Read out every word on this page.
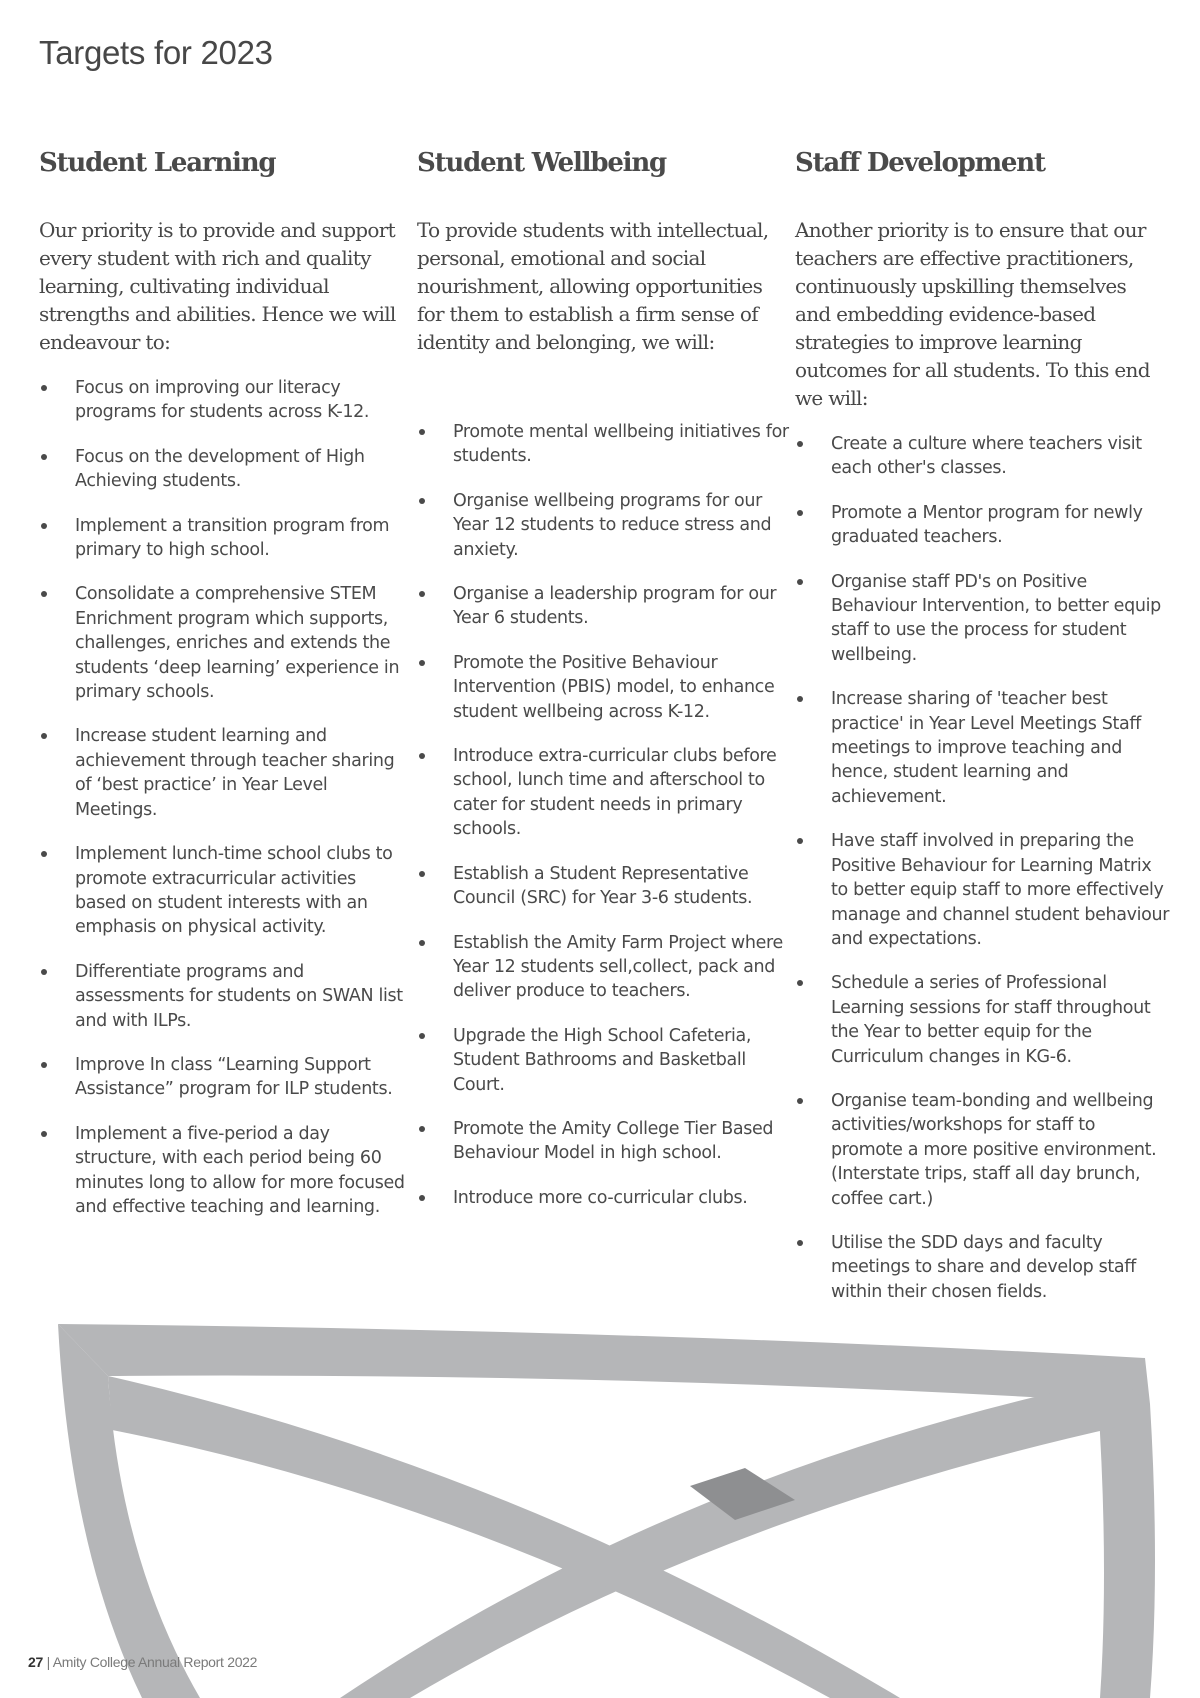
Targets for 2023
Student Learning

Our priority is to provide and support every student with rich and quality learning, cultivating individual strengths and abilities. Hence we will endeavour to:

Focus on improving our literacy programs for students across K-12.
Focus on the development of High Achieving students.
Implement a transition program from primary to high school.
Consolidate a comprehensive STEM Enrichment program which supports, challenges, enriches and extends the students ‘deep learning’ experience in primary schools.
Increase student learning and achievement through teacher sharing of ‘best practice’ in Year Level Meetings.
Implement lunch-time school clubs to promote extracurricular activities based on student interests with an emphasis on physical activity.
Differentiate programs and assessments for students on SWAN list and with ILPs.
Improve In class “Learning Support Assistance” program for ILP students.
Implement a five-period a day structure, with each period being 60 minutes long to allow for more focused and effective teaching and learning.
Student Wellbeing

To provide students with intellectual, personal, emotional and social nourishment, allowing opportunities for them to establish a firm sense of identity and belonging, we will:

Promote mental wellbeing initiatives for students.
Organise wellbeing programs for our Year 12 students to reduce stress and anxiety.
Organise a leadership program for our Year 6 students.
Promote the Positive Behaviour Intervention (PBIS) model, to enhance student wellbeing across K-12.
Introduce extra-curricular clubs before school, lunch time and afterschool to cater for student needs in primary schools.
Establish a Student Representative Council (SRC) for Year 3-6 students.
Establish the Amity Farm Project where Year 12 students sell,collect, pack and deliver produce to teachers.
Upgrade the High School Cafeteria, Student Bathrooms and Basketball Court.
Promote the Amity College Tier Based Behaviour Model in high school.
Introduce more co-curricular clubs.
Staff Development

Another priority is to ensure that our teachers are effective practitioners, continuously upskilling themselves and embedding evidence-based strategies to improve learning outcomes for all students. To this end we will:

Create a culture where teachers visit each other's classes.
Promote a Mentor program for newly graduated teachers.
Organise staff PD's on Positive Behaviour Intervention, to better equip staff to use the process for student wellbeing.
Increase sharing of 'teacher best practice' in Year Level Meetings Staff meetings to improve teaching and hence, student learning and achievement.
Have staff involved in preparing the Positive Behaviour for Learning Matrix to better equip staff to more effectively manage and channel student behaviour and expectations.
Schedule a series of Professional Learning sessions for staff throughout the Year to better equip for the Curriculum changes in KG-6.
Organise team-bonding and wellbeing activities/workshops for staff to promote a more positive environment. (Interstate trips, staff all day brunch, coffee cart.)
Utilise the SDD days and faculty meetings to share and develop staff within their chosen fields.
27 | Amity College Annual Report 2022
